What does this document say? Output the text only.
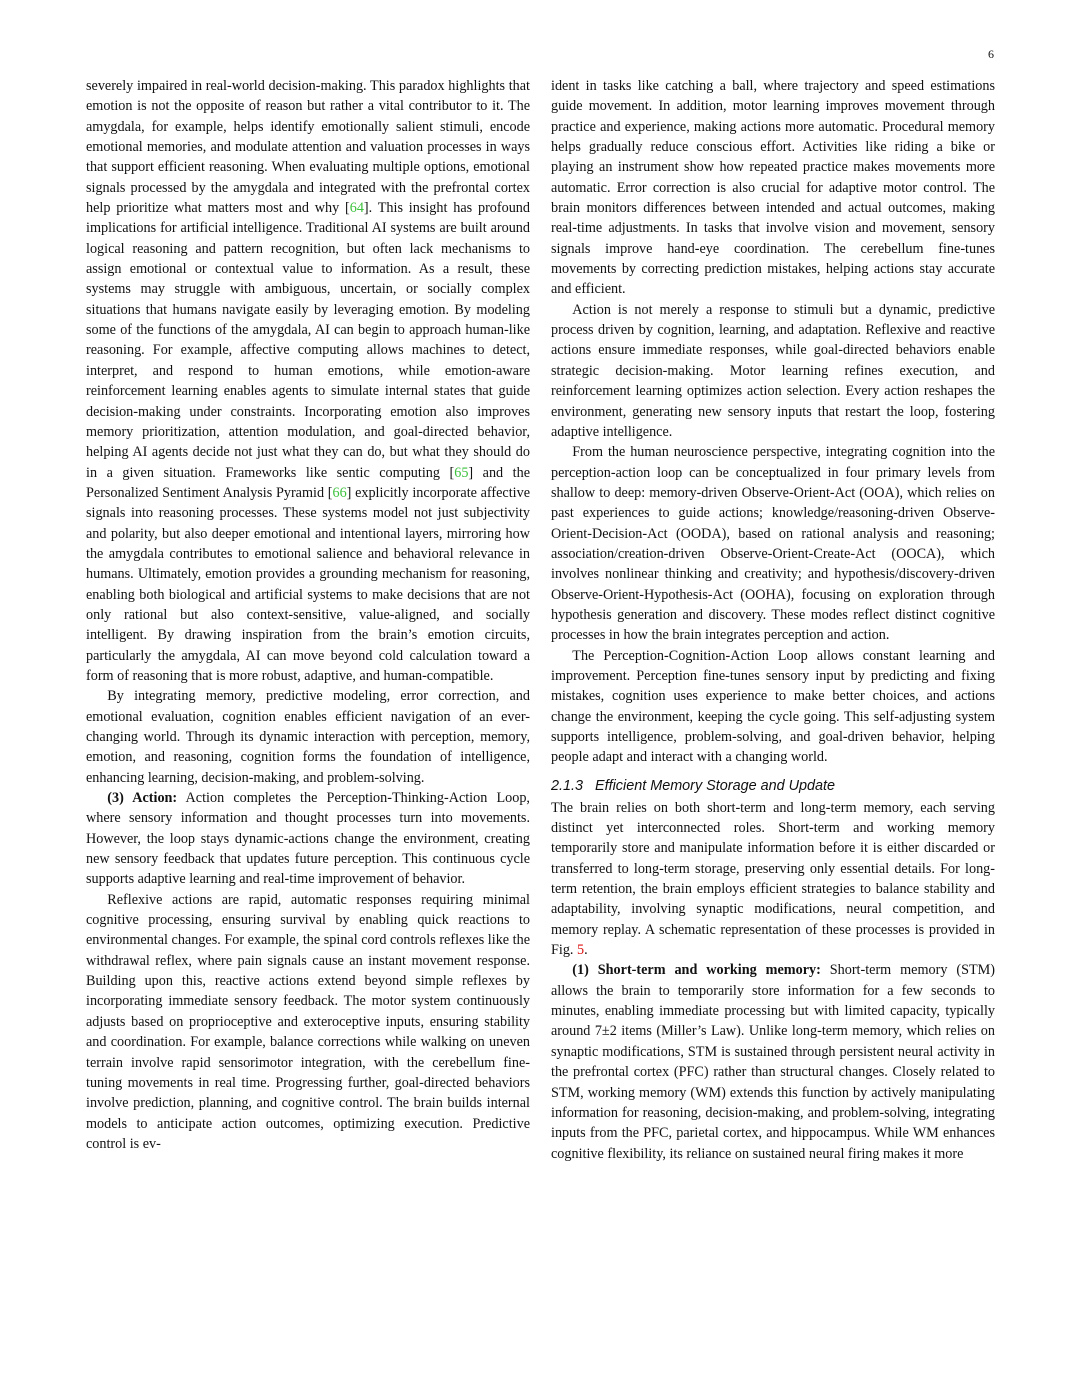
6

severely impaired in real-world decision-making. This paradox highlights that emotion is not the opposite of reason but rather a vital contributor to it. The amygdala, for example, helps identify emotionally salient stimuli, encode emotional memories, and modulate attention and valuation processes in ways that support efficient reasoning. When evaluating multiple options, emotional signals processed by the amygdala and integrated with the prefrontal cortex help prioritize what matters most and why [64]. This insight has profound implications for artificial intelligence. Traditional AI systems are built around logical reasoning and pattern recognition, but often lack mechanisms to assign emotional or contextual value to information. As a result, these systems may struggle with ambiguous, uncertain, or socially complex situations that humans navigate easily by leveraging emotion. By modeling some of the functions of the amygdala, AI can begin to approach human-like reasoning. For example, affective computing allows machines to detect, interpret, and respond to human emotions, while emotion-aware reinforcement learning enables agents to simulate internal states that guide decision-making under constraints. Incorporating emotion also improves memory prioritization, attention modulation, and goal-directed behavior, helping AI agents decide not just what they can do, but what they should do in a given situation. Frameworks like sentic computing [65] and the Personalized Sentiment Analysis Pyramid [66] explicitly incorporate affective signals into reasoning processes. These systems model not just subjectivity and polarity, but also deeper emotional and intentional layers, mirroring how the amygdala contributes to emotional salience and behavioral relevance in humans. Ultimately, emotion provides a grounding mechanism for reasoning, enabling both biological and artificial systems to make decisions that are not only rational but also context-sensitive, value-aligned, and socially intelligent. By drawing inspiration from the brain’s emotion circuits, particularly the amygdala, AI can move beyond cold calculation toward a form of reasoning that is more robust, adaptive, and human-compatible.

By integrating memory, predictive modeling, error correction, and emotional evaluation, cognition enables efficient navigation of an ever-changing world. Through its dynamic interaction with perception, memory, emotion, and reasoning, cognition forms the foundation of intelligence, enhancing learning, decision-making, and problem-solving.

(3) Action: Action completes the Perception-Thinking-Action Loop, where sensory information and thought processes turn into movements. However, the loop stays dynamic-actions change the environment, creating new sensory feedback that updates future perception. This continuous cycle supports adaptive learning and real-time improvement of behavior.

Reflexive actions are rapid, automatic responses requiring minimal cognitive processing, ensuring survival by enabling quick reactions to environmental changes. For example, the spinal cord controls reflexes like the withdrawal reflex, where pain signals cause an instant movement response. Building upon this, reactive actions extend beyond simple reflexes by incorporating immediate sensory feedback. The motor system continuously adjusts based on proprioceptive and exteroceptive inputs, ensuring stability and coordination. For example, balance corrections while walking on uneven terrain involve rapid sensorimotor integration, with the cerebellum fine-tuning movements in real time. Progressing further, goal-directed behaviors involve prediction, planning, and cognitive control. The brain builds internal models to anticipate action outcomes, optimizing execution. Predictive control is ev-

ident in tasks like catching a ball, where trajectory and speed estimations guide movement. In addition, motor learning improves movement through practice and experience, making actions more automatic. Procedural memory helps gradually reduce conscious effort. Activities like riding a bike or playing an instrument show how repeated practice makes movements more automatic. Error correction is also crucial for adaptive motor control. The brain monitors differences between intended and actual outcomes, making real-time adjustments. In tasks that involve vision and movement, sensory signals improve hand-eye coordination. The cerebellum fine-tunes movements by correcting prediction mistakes, helping actions stay accurate and efficient.

Action is not merely a response to stimuli but a dynamic, predictive process driven by cognition, learning, and adaptation. Reflexive and reactive actions ensure immediate responses, while goal-directed behaviors enable strategic decision-making. Motor learning refines execution, and reinforcement learning optimizes action selection. Every action reshapes the environment, generating new sensory inputs that restart the loop, fostering adaptive intelligence.

From the human neuroscience perspective, integrating cognition into the perception-action loop can be conceptualized in four primary levels from shallow to deep: memory-driven Observe-Orient-Act (OOA), which relies on past experiences to guide actions; knowledge/reasoning-driven Observe-Orient-Decision-Act (OODA), based on rational analysis and reasoning; association/creation-driven Observe-Orient-Create-Act (OOCA), which involves nonlinear thinking and creativity; and hypothesis/discovery-driven Observe-Orient-Hypothesis-Act (OOHA), focusing on exploration through hypothesis generation and discovery. These modes reflect distinct cognitive processes in how the brain integrates perception and action.

The Perception-Cognition-Action Loop allows constant learning and improvement. Perception fine-tunes sensory input by predicting and fixing mistakes, cognition uses experience to make better choices, and actions change the environment, keeping the cycle going. This self-adjusting system supports intelligence, problem-solving, and goal-driven behavior, helping people adapt and interact with a changing world.

2.1.3 Efficient Memory Storage and Update

The brain relies on both short-term and long-term memory, each serving distinct yet interconnected roles. Short-term and working memory temporarily store and manipulate information before it is either discarded or transferred to long-term storage, preserving only essential details. For long-term retention, the brain employs efficient strategies to balance stability and adaptability, involving synaptic modifications, neural competition, and memory replay. A schematic representation of these processes is provided in Fig. 5.

(1) Short-term and working memory: Short-term memory (STM) allows the brain to temporarily store information for a few seconds to minutes, enabling immediate processing but with limited capacity, typically around 7±2 items (Miller’s Law). Unlike long-term memory, which relies on synaptic modifications, STM is sustained through persistent neural activity in the prefrontal cortex (PFC) rather than structural changes. Closely related to STM, working memory (WM) extends this function by actively manipulating information for reasoning, decision-making, and problem-solving, integrating inputs from the PFC, parietal cortex, and hippocampus. While WM enhances cognitive flexibility, its reliance on sustained neural firing makes it more
